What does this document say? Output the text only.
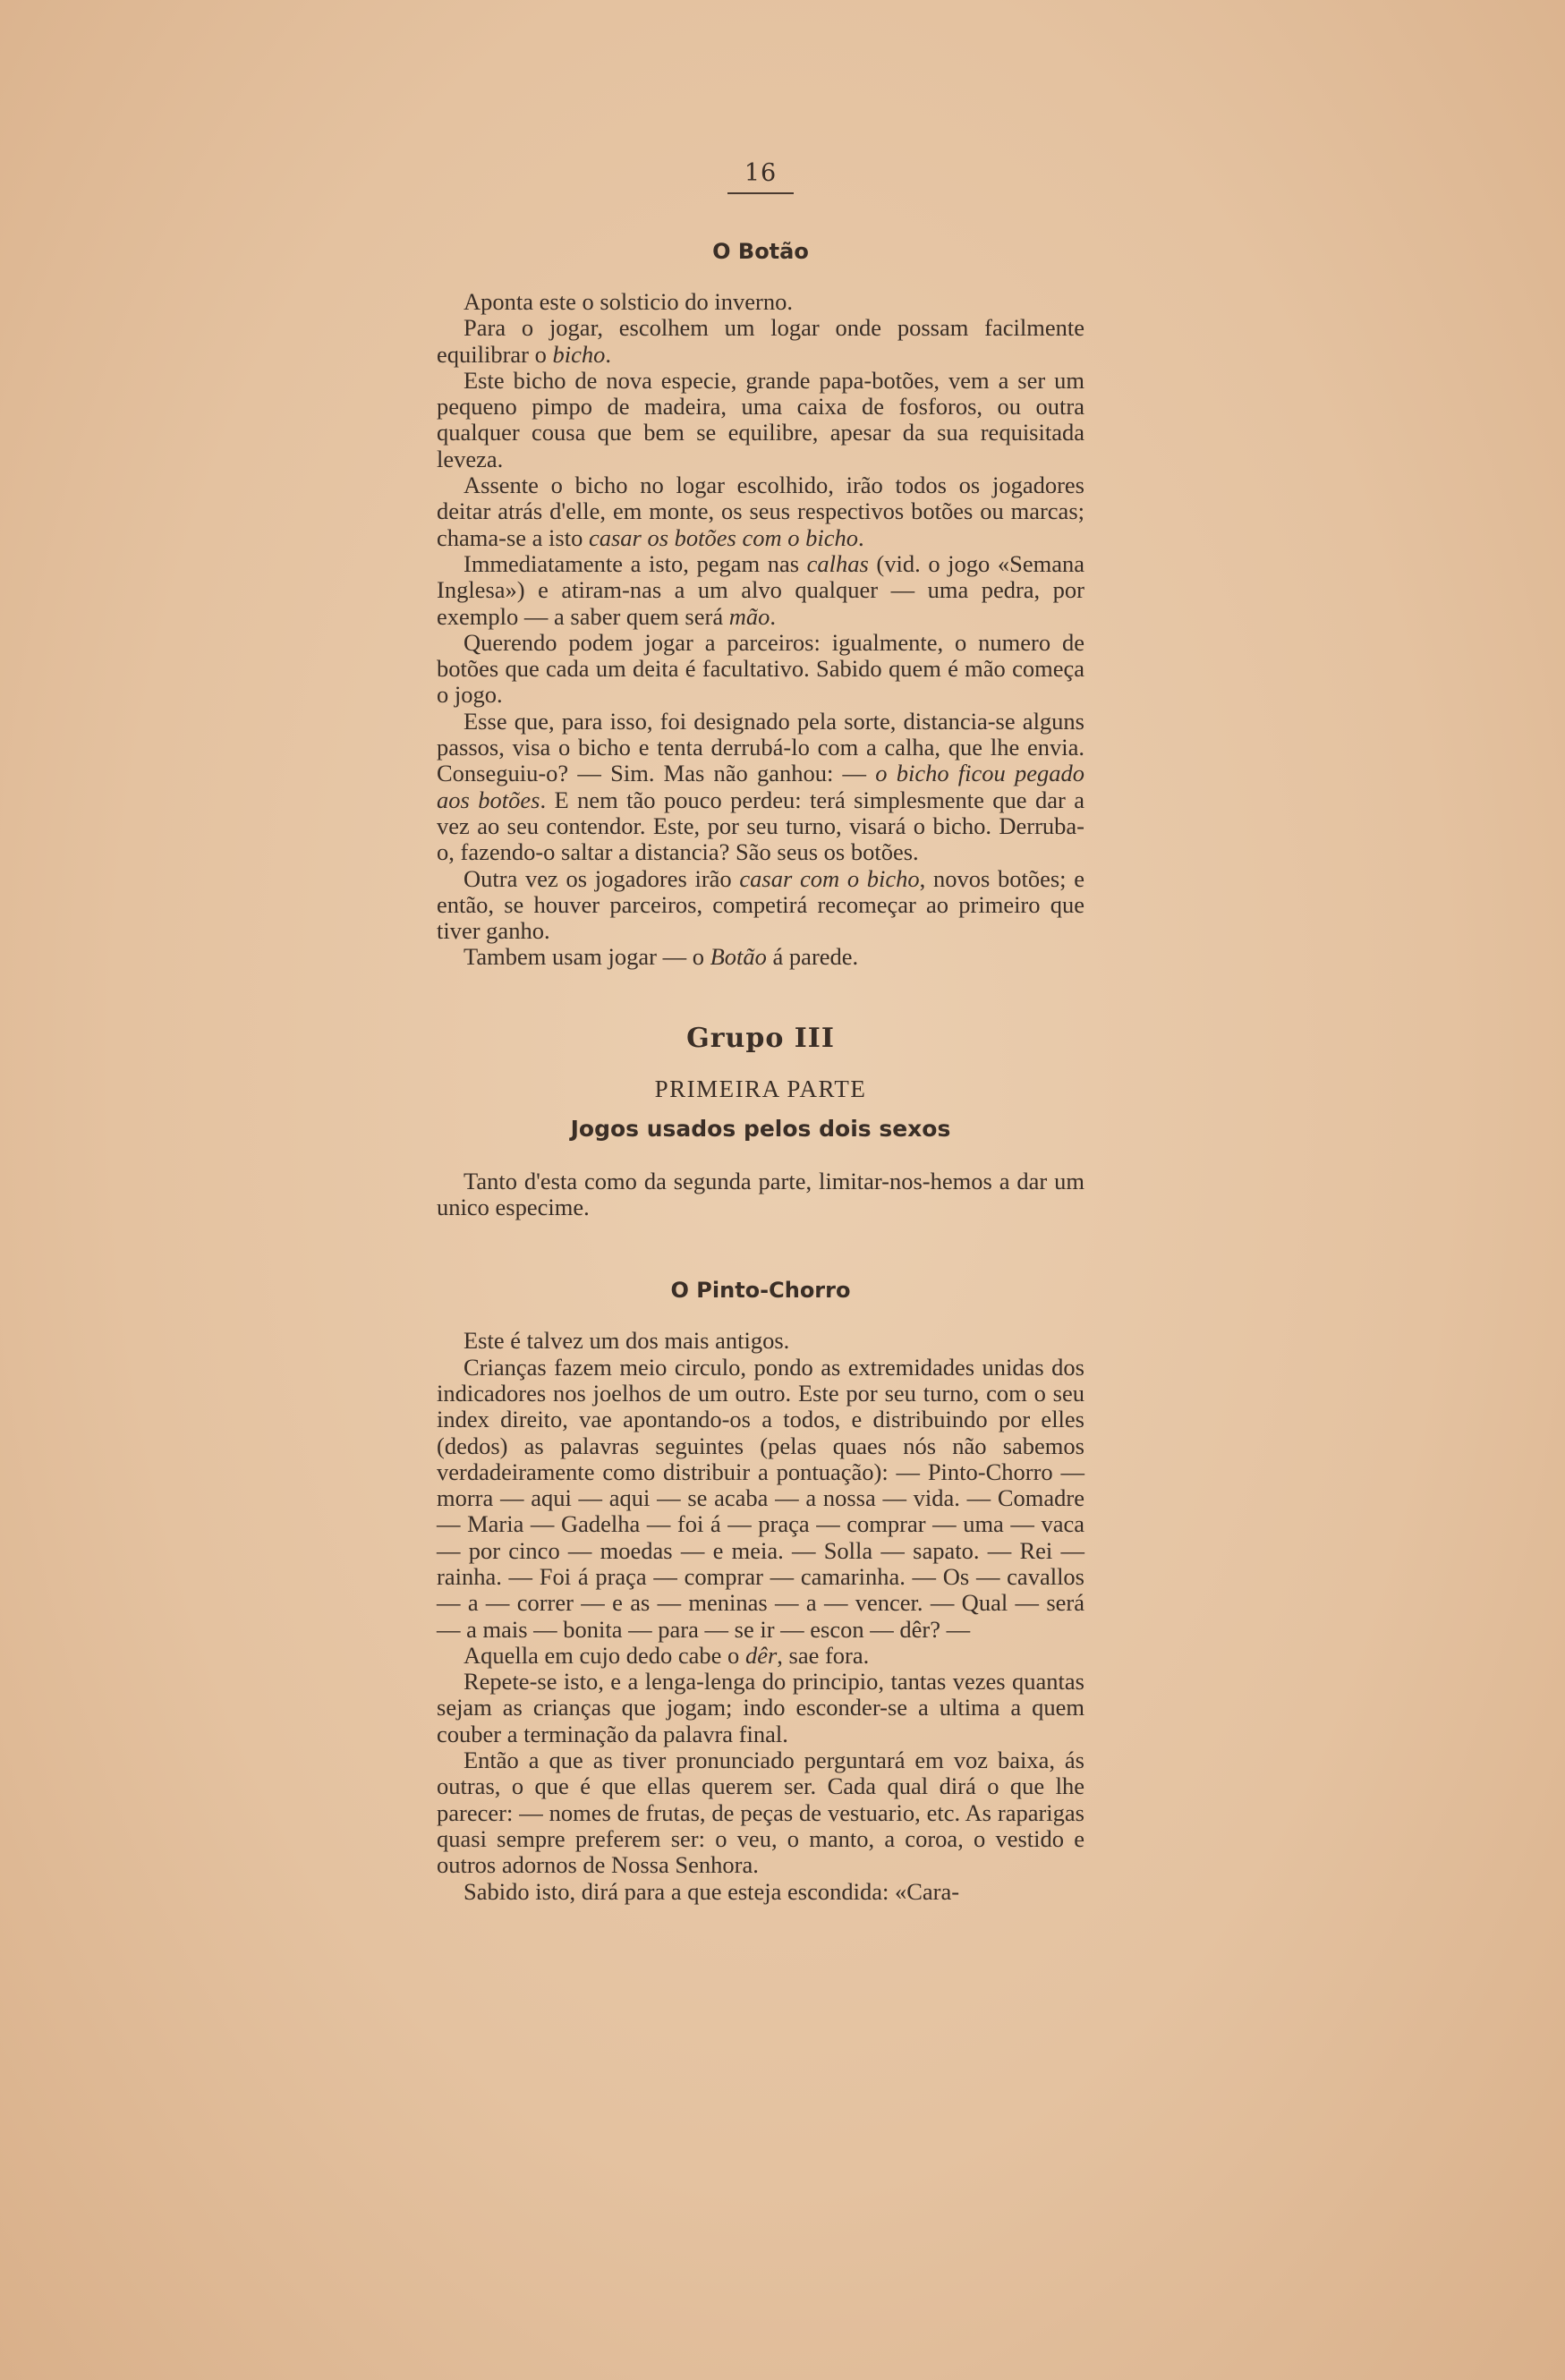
16
O Botão

Aponta este o solsticio do inverno.

Para o jogar, escolhem um logar onde possam facilmente equilibrar o bicho.

Este bicho de nova especie, grande papa-botões, vem a ser um pequeno pimpo de madeira, uma caixa de fosforos, ou outra qualquer cousa que bem se equilibre, apesar da sua requisitada leveza.

Assente o bicho no logar escolhido, irão todos os jogadores deitar atrás d'elle, em monte, os seus respectivos botões ou marcas; chama-se a isto casar os botões com o bicho.

Immediatamente a isto, pegam nas calhas (vid. o jogo «Semana Inglesa») e atiram-nas a um alvo qualquer — uma pedra, por exemplo — a saber quem será mão.

Querendo podem jogar a parceiros: igualmente, o numero de botões que cada um deita é facultativo. Sabido quem é mão começa o jogo.

Esse que, para isso, foi designado pela sorte, distancia-se alguns passos, visa o bicho e tenta derrubá-lo com a calha, que lhe envia. Conseguiu-o? — Sim. Mas não ganhou: — o bicho ficou pegado aos botões. E nem tão pouco perdeu: terá simplesmente que dar a vez ao seu contendor. Este, por seu turno, visará o bicho. Derruba-o, fazendo-o saltar a distancia? São seus os botões.

Outra vez os jogadores irão casar com o bicho, novos botões; e então, se houver parceiros, competirá recomeçar ao primeiro que tiver ganho.

Tambem usam jogar — o Botão á parede.

Grupo III
PRIMEIRA PARTE
Jogos usados pelos dois sexos

Tanto d'esta como da segunda parte, limitar-nos-hemos a dar um unico especime.

O Pinto-Chorro

Este é talvez um dos mais antigos.

Crianças fazem meio circulo, pondo as extremidades unidas dos indicadores nos joelhos de um outro. Este por seu turno, com o seu index direito, vae apontando-os a todos, e distribuindo por elles (dedos) as palavras seguintes (pelas quaes nós não sabemos verdadeiramente como distribuir a pontuação): — Pinto-Chorro — morra — aqui — aqui — se acaba — a nossa — vida. — Comadre — Maria — Gadelha — foi á — praça — comprar — uma — vaca — por cinco — moedas — e meia. — Solla — sapato. — Rei — rainha. — Foi á praça — comprar — camarinha. — Os — cavallos — a — correr — e as — meninas — a — vencer. — Qual — será — a mais — bonita — para — se ir — escon — dêr? —

Aquella em cujo dedo cabe o dêr, sae fora.

Repete-se isto, e a lenga-lenga do principio, tantas vezes quantas sejam as crianças que jogam; indo esconder-se a ultima a quem couber a terminação da palavra final.

Então a que as tiver pronunciado perguntará em voz baixa, ás outras, o que é que ellas querem ser. Cada qual dirá o que lhe parecer: — nomes de frutas, de peças de vestuario, etc. As raparigas quasi sempre preferem ser: o veu, o manto, a coroa, o vestido e outros adornos de Nossa Senhora.

Sabido isto, dirá para a que esteja escondida: «Cara-
